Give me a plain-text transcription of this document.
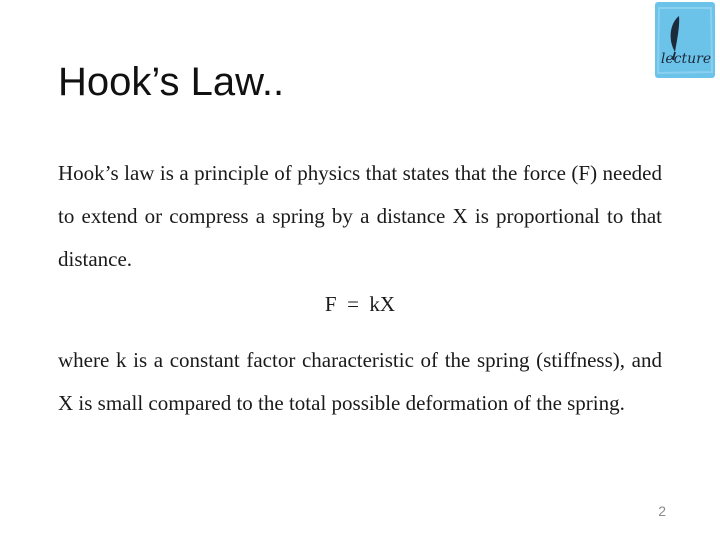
Hook’s Law..
lecture

Hook’s law is a principle of physics that states that the force (F) needed to extend or compress a spring by a distance X is proportional to that distance.

F  =  kX

where k is a constant factor characteristic of the spring (stiffness), and X is small compared to the total possible deformation of the spring.

2
